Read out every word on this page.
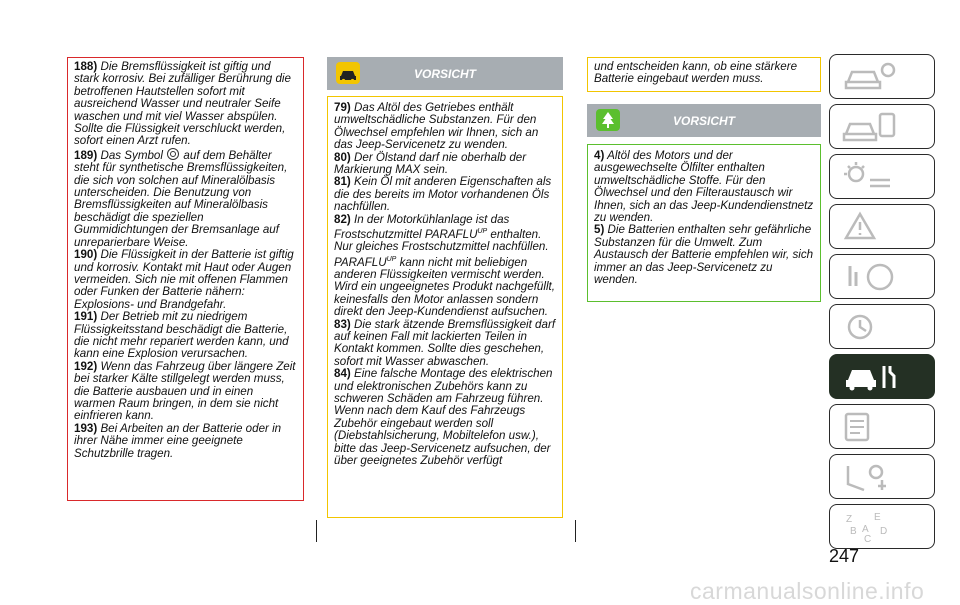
188) Die Bremsflüssigkeit ist giftig und stark korrosiv. Bei zufälliger Berührung die betroffenen Hautstellen sofort mit ausreichend Wasser und neutraler Seife waschen und mit viel Wasser abspülen. Sollte die Flüssigkeit verschluckt werden, sofort einen Arzt rufen.

189) Das Symbol auf dem Behälter steht für synthetische Bremsflüssigkeiten, die sich von solchen auf Mineralölbasis unterscheiden. Die Benutzung von Bremsflüssigkeiten auf Mineralölbasis beschädigt die speziellen Gummidichtungen der Bremsanlage auf unreparierbare Weise.

190) Die Flüssigkeit in der Batterie ist giftig und korrosiv. Kontakt mit Haut oder Augen vermeiden. Sich nie mit offenen Flammen oder Funken der Batterie nähern: Explosions- und Brandgefahr.

191) Der Betrieb mit zu niedrigem Flüssigkeitsstand beschädigt die Batterie, die nicht mehr repariert werden kann, und kann eine Explosion verursachen.

192) Wenn das Fahrzeug über längere Zeit bei starker Kälte stillgelegt werden muss, die Batterie ausbauen und in einen warmen Raum bringen, in dem sie nicht einfrieren kann.

193) Bei Arbeiten an der Batterie oder in ihrer Nähe immer eine geeignete Schutzbrille tragen.

VORSICHT

79) Das Altöl des Getriebes enthält umweltschädliche Substanzen. Für den Ölwechsel empfehlen wir Ihnen, sich an das Jeep-Servicenetz zu wenden.

80) Der Ölstand darf nie oberhalb der Markierung MAX sein.

81) Kein Öl mit anderen Eigenschaften als die des bereits im Motor vorhandenen Öls nachfüllen.

82) In der Motorkühlanlage ist das Frostschutzmittel $PARAFLU^{UP}$ enthalten. Nur gleiches Frostschutzmittel nachfüllen. $PARAFLU^{UP}$ kann nicht mit beliebigen anderen Flüssigkeiten vermischt werden. Wird ein ungeeignetes Produkt nachgefüllt, keinesfalls den Motor anlassen sondern direkt den Jeep-Kundendienst aufsuchen.

83) Die stark ätzende Bremsflüssigkeit darf auf keinen Fall mit lackierten Teilen in Kontakt kommen. Sollte dies geschehen, sofort mit Wasser abwaschen.

84) Eine falsche Montage des elektrischen und elektronischen Zubehörs kann zu schweren Schäden am Fahrzeug führen. Wenn nach dem Kauf des Fahrzeugs Zubehör eingebaut werden soll (Diebstahlsicherung, Mobiltelefon usw.), bitte das Jeep-Servicenetz aufsuchen, der über geeignetes Zubehör verfügt

und entscheiden kann, ob eine stärkere Batterie eingebaut werden muss.

VORSICHT

4) Altöl des Motors und der ausgewechselte Ölfilter enthalten umweltschädliche Stoffe. Für den Ölwechsel und den Filteraustausch wir Ihnen, sich an das Jeep-Kundendienstnetz zu wenden.

5) Die Batterien enthalten sehr gefährliche Substanzen für die Umwelt. Zum Austausch der Batterie empfehlen wir, sich immer an das Jeep-Servicenetz zu wenden.

Z E
B A D
C
247
carmanualsonline.info
